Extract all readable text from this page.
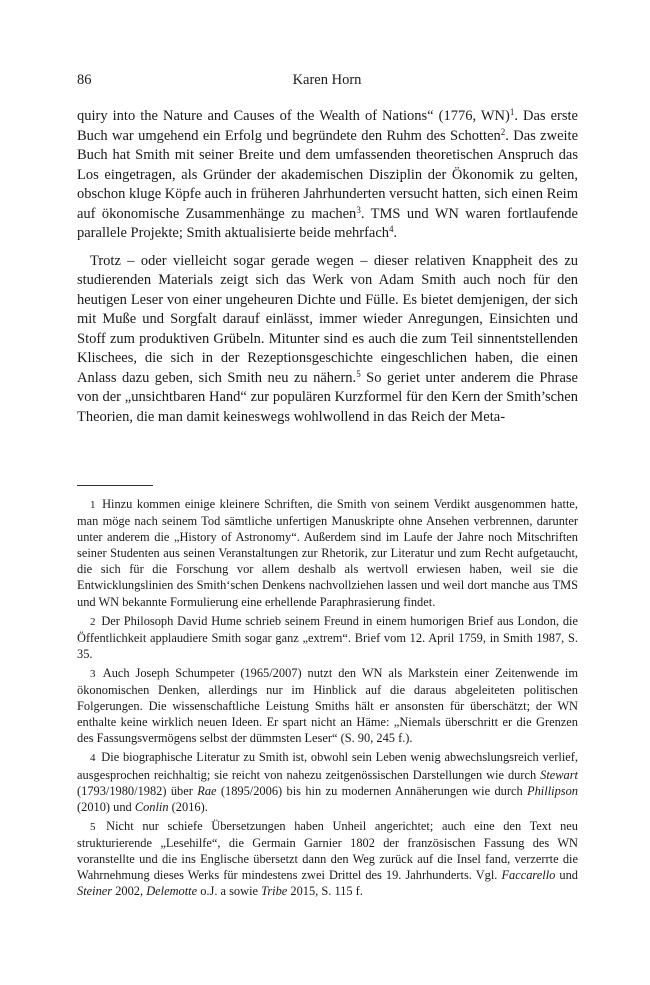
86	Karen Horn

quiry into the Nature and Causes of the Wealth of Nations“ (1776, WN)$^1$. Das erste Buch war umgehend ein Erfolg und begründete den Ruhm des Schotten$^2$. Das zweite Buch hat Smith mit seiner Breite und dem umfassenden theoretischen Anspruch das Los eingetragen, als Gründer der akademischen Disziplin der Ökonomik zu gelten, obschon kluge Köpfe auch in früheren Jahrhunderten versucht hatten, sich einen Reim auf ökonomische Zusammenhänge zu machen$^3$. TMS und WN waren fortlaufende parallele Projekte; Smith aktualisierte beide mehrfach$^4$.

Trotz – oder vielleicht sogar gerade wegen – dieser relativen Knappheit des zu studierenden Materials zeigt sich das Werk von Adam Smith auch noch für den heutigen Leser von einer ungeheuren Dichte und Fülle. Es bietet demjenigen, der sich mit Muße und Sorgfalt darauf einlässt, immer wieder Anregungen, Einsichten und Stoff zum produktiven Grübeln. Mitunter sind es auch die zum Teil sinnentstellenden Klischees, die sich in der Rezeptionsgeschichte eingeschlichen haben, die einen Anlass dazu geben, sich Smith neu zu nähern.$^5$ So geriet unter anderem die Phrase von der „unsichtbaren Hand“ zur populären Kurzformel für den Kern der Smith’schen Theorien, die man damit keineswegs wohlwollend in das Reich der Meta-

1 Hinzu kommen einige kleinere Schriften, die Smith von seinem Verdikt ausgenommen hatte, man möge nach seinem Tod sämtliche unfertigen Manuskripte ohne Ansehen verbrennen, darunter unter anderem die „History of Astronomy“. Außerdem sind im Laufe der Jahre noch Mitschriften seiner Studenten aus seinen Veranstaltungen zur Rhetorik, zur Literatur und zum Recht aufgetaucht, die sich für die Forschung vor allem deshalb als wertvoll erwiesen haben, weil sie die Entwicklungslinien des Smith‘schen Denkens nachvollziehen lassen und weil dort manche aus TMS und WN bekannte Formulierung eine erhellende Paraphrasierung findet.

2 Der Philosoph David Hume schrieb seinem Freund in einem humorigen Brief aus London, die Öffentlichkeit applaudiere Smith sogar ganz „extrem“. Brief vom 12. April 1759, in Smith 1987, S. 35.

3 Auch Joseph Schumpeter (1965/2007) nutzt den WN als Markstein einer Zeitenwende im ökonomischen Denken, allerdings nur im Hinblick auf die daraus abgeleiteten politischen Folgerungen. Die wissenschaftliche Leistung Smiths hält er ansonsten für überschätzt; der WN enthalte keine wirklich neuen Ideen. Er spart nicht an Häme: „Niemals überschritt er die Grenzen des Fassungsvermögens selbst der dümmsten Leser“ (S. 90, 245 f.).

4 Die biographische Literatur zu Smith ist, obwohl sein Leben wenig abwechslungsreich verlief, ausgesprochen reichhaltig; sie reicht von nahezu zeitgenössischen Darstellungen wie durch Stewart (1793/1980/1982) über Rae (1895/2006) bis hin zu modernen Annäherungen wie durch Phillipson (2010) und Conlin (2016).

5 Nicht nur schiefe Übersetzungen haben Unheil angerichtet; auch eine den Text neu strukturierende „Lesehilfe“, die Germain Garnier 1802 der französischen Fassung des WN voranstellte und die ins Englische übersetzt dann den Weg zurück auf die Insel fand, verzerrte die Wahrnehmung dieses Werks für mindestens zwei Drittel des 19. Jahrhunderts. Vgl. Faccarello und Steiner 2002, Delemotte o.J. a sowie Tribe 2015, S. 115 f.
